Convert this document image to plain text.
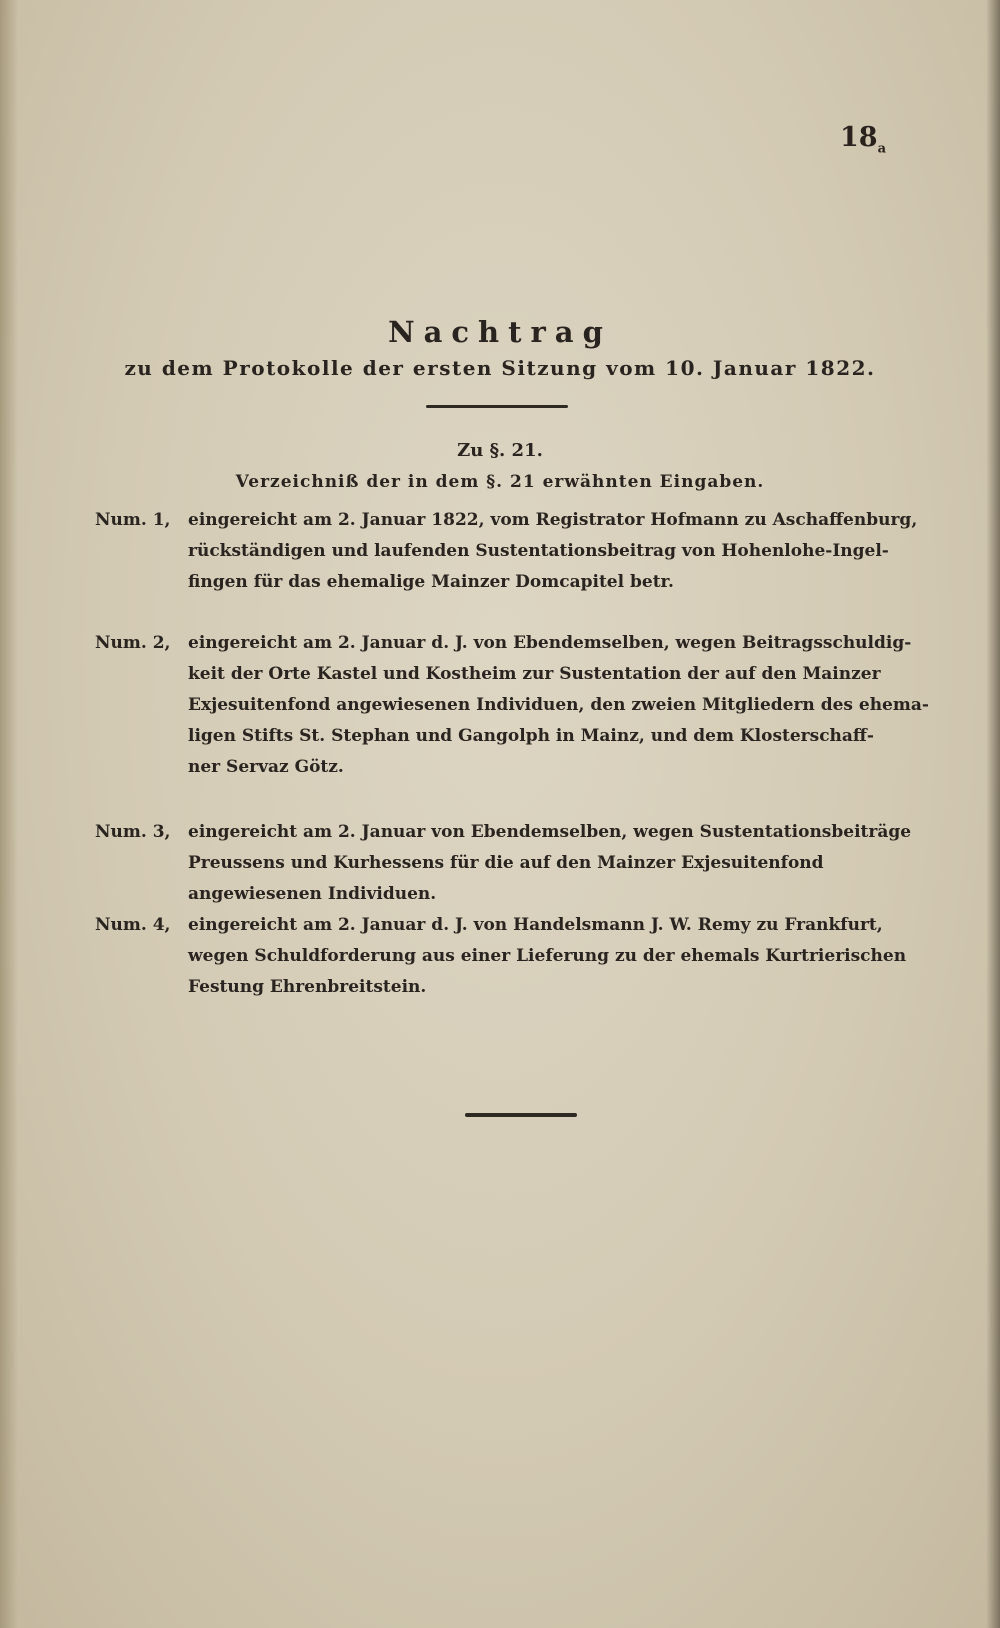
$18_a$
Nachtrag
zu dem Protokolle der ersten Sitzung vom 10. Januar 1822.
Zu §. 21.
Verzeichniß der in dem §. 21 erwähnten Eingaben.
Num. 1,	eingereicht am 2. Januar 1822, vom Registrator Hofmann zu Aschaffenburg,
rückständigen und laufenden Sustentationsbeitrag von Hohenlohe-Ingel-
fingen für das ehemalige Mainzer Domcapitel betr.
Num. 2,	eingereicht am 2. Januar d. J. von Ebendemselben, wegen Beitragsschuldig-
keit der Orte Kastel und Kostheim zur Sustentation der auf den Mainzer
Exjesuitenfond angewiesenen Individuen, den zweien Mitgliedern des ehema-
ligen Stifts St. Stephan und Gangolph in Mainz, und dem Klosterschaff-
ner Servaz Götz.
Num. 3,	eingereicht am 2. Januar von Ebendemselben, wegen Sustentationsbeiträge
Preussens und Kurhessens für die auf den Mainzer Exjesuitenfond
angewiesenen Individuen.
Num. 4,	eingereicht am 2. Januar d. J. von Handelsmann J. W. Remy zu Frankfurt,
wegen Schuldforderung aus einer Lieferung zu der ehemals Kurtrierischen
Festung Ehrenbreitstein.
